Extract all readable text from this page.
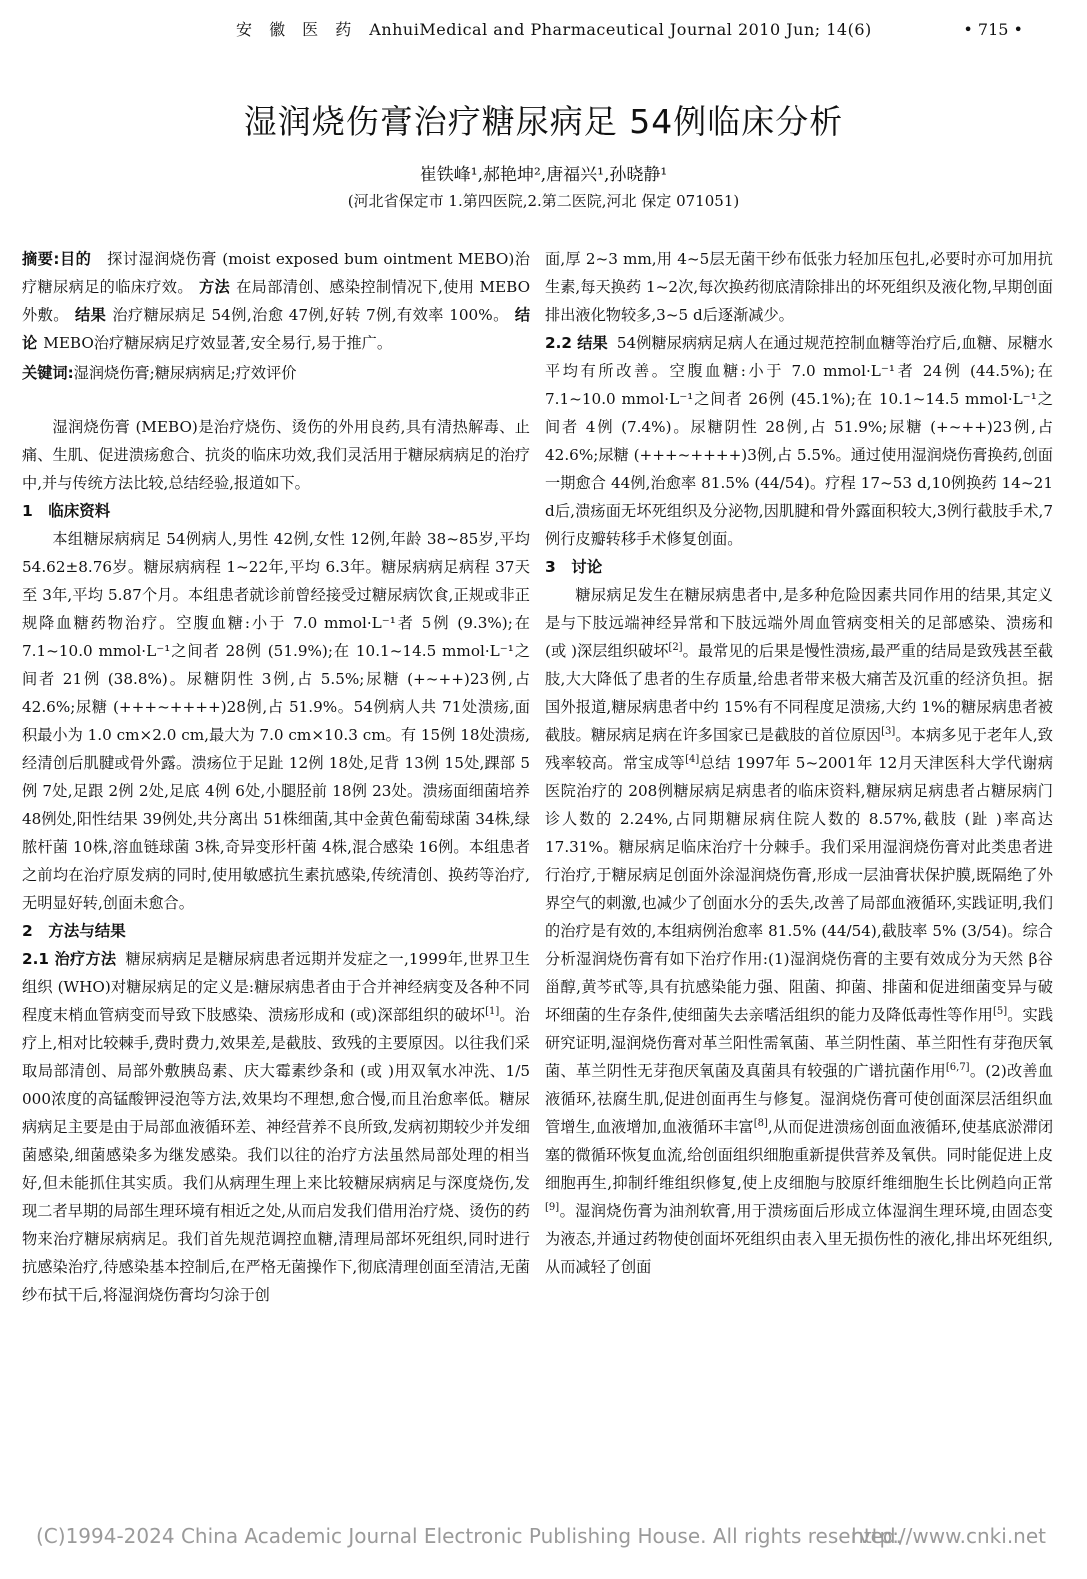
安 徽 医 药 AnhuiMedical and Pharmaceutical Journal 2010 Jun; 14(6)	• 715 •
湿润烧伤膏治疗糖尿病足 54例临床分析
崔铁峰¹,郝艳坤²,唐福兴¹,孙晓静¹
(河北省保定市 1.第四医院,2.第二医院,河北 保定 071051)

摘要:目的  探讨湿润烧伤膏 (moist exposed bum ointment MEBO)治疗糖尿病足的临床疗效。 方法 在局部清创、感染控制情况下,使用 MEBO外敷。 结果 治疗糖尿病足 54例,治愈 47例,好转 7例,有效率 100%。 结论 MEBO治疗糖尿病足疗效显著,安全易行,易于推广。

关键词:湿润烧伤膏;糖尿病病足;疗效评价

湿润烧伤膏 (MEBO)是治疗烧伤、烫伤的外用良药,具有清热解毒、止痛、生肌、促进溃疡愈合、抗炎的临床功效,我们灵活用于糖尿病病足的治疗中,并与传统方法比较,总结经验,报道如下。

1 临床资料

本组糖尿病病足 54例病人,男性 42例,女性 12例,年龄 38~85岁,平均 54.62±8.76岁。糖尿病病程 1~22年,平均 6.3年。糖尿病病足病程 37天至 3年,平均 5.87个月。本组患者就诊前曾经接受过糖尿病饮食,正规或非正规降血糖药物治疗。空腹血糖:小于 7.0 mmol·L⁻¹者 5例 (9.3%);在 7.1~10.0 mmol·L⁻¹之间者 28例 (51.9%);在 10.1~14.5 mmol·L⁻¹之间者 21例 (38.8%)。尿糖阴性 3例,占 5.5%;尿糖 (+~++)23例,占 42.6%;尿糖 (+++~++++)28例,占 51.9%。54例病人共 71处溃疡,面积最小为 1.0 cm×2.0 cm,最大为 7.0 cm×10.3 cm。有 15例 18处溃疡,经清创后肌腱或骨外露。溃疡位于足趾 12例 18处,足背 13例 15处,踝部 5例 7处,足跟 2例 2处,足底 4例 6处,小腿胫前 18例 23处。溃疡面细菌培养 48例处,阳性结果 39例处,共分离出 51株细菌,其中金黄色葡萄球菌 34株,绿脓杆菌 10株,溶血链球菌 3株,奇异变形杆菌 4株,混合感染 16例。本组患者之前均在治疗原发病的同时,使用敏感抗生素抗感染,传统清创、换药等治疗,无明显好转,创面未愈合。

2 方法与结果

2.1 治疗方法 糖尿病病足是糖尿病患者远期并发症之一,1999年,世界卫生组织 (WHO)对糖尿病足的定义是:糖尿病患者由于合并神经病变及各种不同程度末梢血管病变而导致下肢感染、溃疡形成和 (或)深部组织的破坏[1]。治疗上,相对比较棘手,费时费力,效果差,是截肢、致残的主要原因。以往我们采取局部清创、局部外敷胰岛素、庆大霉素纱条和 (或 )用双氧水冲洗、1/5 000浓度的高锰酸钾浸泡等方法,效果均不理想,愈合慢,而且治愈率低。糖尿病病足主要是由于局部血液循环差、神经营养不良所致,发病初期较少并发细菌感染,细菌感染多为继发感染。我们以往的治疗方法虽然局部处理的相当好,但未能抓住其实质。我们从病理生理上来比较糖尿病病足与深度烧伤,发现二者早期的局部生理环境有相近之处,从而启发我们借用治疗烧、烫伤的药物来治疗糖尿病病足。我们首先规范调控血糖,清理局部坏死组织,同时进行抗感染治疗,待感染基本控制后,在严格无菌操作下,彻底清理创面至清洁,无菌纱布拭干后,将湿润烧伤膏均匀涂于创

面,厚 2~3 mm,用 4~5层无菌干纱布低张力轻加压包扎,必要时亦可加用抗生素,每天换药 1~2次,每次换药彻底清除排出的坏死组织及液化物,早期创面排出液化物较多,3~5 d后逐渐减少。

2.2 结果 54例糖尿病病足病人在通过规范控制血糖等治疗后,血糖、尿糖水平均有所改善。空腹血糖:小于 7.0 mmol·L⁻¹者 24例 (44.5%);在 7.1~10.0 mmol·L⁻¹之间者 26例 (45.1%);在 10.1~14.5 mmol·L⁻¹之间者 4例 (7.4%)。尿糖阴性 28例,占 51.9%;尿糖 (+~++)23例,占 42.6%;尿糖 (+++~++++)3例,占 5.5%。通过使用湿润烧伤膏换药,创面一期愈合 44例,治愈率 81.5% (44/54)。疗程 17~53 d,10例换药 14~21 d后,溃疡面无坏死组织及分泌物,因肌腱和骨外露面积较大,3例行截肢手术,7例行皮瓣转移手术修复创面。

3 讨论

糖尿病足发生在糖尿病患者中,是多种危险因素共同作用的结果,其定义是与下肢远端神经异常和下肢远端外周血管病变相关的足部感染、溃疡和 (或 )深层组织破坏[2]。最常见的后果是慢性溃疡,最严重的结局是致残甚至截肢,大大降低了患者的生存质量,给患者带来极大痛苦及沉重的经济负担。据国外报道,糖尿病患者中约 15%有不同程度足溃疡,大约 1%的糖尿病患者被截肢。糖尿病足病在许多国家已是截肢的首位原因[3]。本病多见于老年人,致残率较高。常宝成等[4]总结 1997年 5~2001年 12月天津医科大学代谢病医院治疗的 208例糖尿病足病患者的临床资料,糖尿病足病患者占糖尿病门诊人数的 2.24%,占同期糖尿病住院人数的 8.57%,截肢 (趾 )率高达 17.31%。糖尿病足临床治疗十分棘手。我们采用湿润烧伤膏对此类患者进行治疗,于糖尿病足创面外涂湿润烧伤膏,形成一层油膏状保护膜,既隔绝了外界空气的刺激,也减少了创面水分的丢失,改善了局部血液循环,实践证明,我们的治疗是有效的,本组病例治愈率 81.5% (44/54),截肢率 5% (3/54)。综合分析湿润烧伤膏有如下治疗作用:(1)湿润烧伤膏的主要有效成分为天然 β谷甾醇,黄芩甙等,具有抗感染能力强、阻菌、抑菌、排菌和促进细菌变异与破坏细菌的生存条件,使细菌失去亲嗜活组织的能力及降低毒性等作用[5]。实践研究证明,湿润烧伤膏对革兰阳性需氧菌、革兰阴性菌、革兰阳性有芽孢厌氧菌、革兰阴性无芽孢厌氧菌及真菌具有较强的广谱抗菌作用[6,7]。(2)改善血液循环,祛腐生肌,促进创面再生与修复。湿润烧伤膏可使创面深层活组织血管增生,血液增加,血液循环丰富[8],从而促进溃疡创面血液循环,使基底淤滞闭塞的微循环恢复血流,给创面组织细胞重新提供营养及氧供。同时能促进上皮细胞再生,抑制纤维组织修复,使上皮细胞与胶原纤维细胞生长比例趋向正常[9]。湿润烧伤膏为油剂软膏,用于溃疡面后形成立体湿润生理环境,由固态变为液态,并通过药物使创面坏死组织由表入里无损伤性的液化,排出坏死组织,从而减轻了创面

(C)1994-2024 China Academic Journal Electronic Publishing House. All rights reserved.
http://www.cnki.net
